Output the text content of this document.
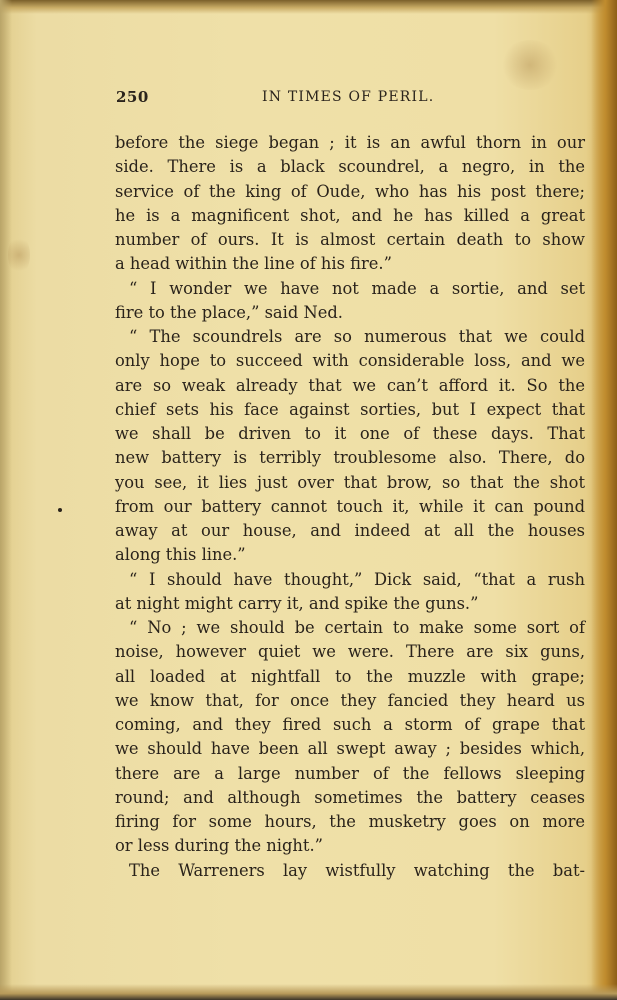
250	IN TIMES OF PERIL.
before the siege began ; it is an awful thorn in our
side. There is a black scoundrel, a negro, in the
service of the king of Oude, who has his post there;
he is a magnificent shot, and he has killed a great
number of ours. It is almost certain death to show
a head within the line of his fire.”
“ I wonder we have not made a sortie, and set
fire to the place,” said Ned.
“ The scoundrels are so numerous that we could
only hope to succeed with considerable loss, and we
are so weak already that we can’t afford it. So the
chief sets his face against sorties, but I expect that
we shall be driven to it one of these days. That
new battery is terribly troublesome also. There, do
you see, it lies just over that brow, so that the shot
from our battery cannot touch it, while it can pound
away at our house, and indeed at all the houses
along this line.”
“ I should have thought,” Dick said, “that a rush
at night might carry it, and spike the guns.”
“ No ; we should be certain to make some sort of
noise, however quiet we were. There are six guns,
all loaded at nightfall to the muzzle with grape;
we know that, for once they fancied they heard us
coming, and they fired such a storm of grape that
we should have been all swept away ; besides which,
there are a large number of the fellows sleeping
round; and although sometimes the battery ceases
firing for some hours, the musketry goes on more
or less during the night.”
The Warreners lay wistfully watching the bat-
